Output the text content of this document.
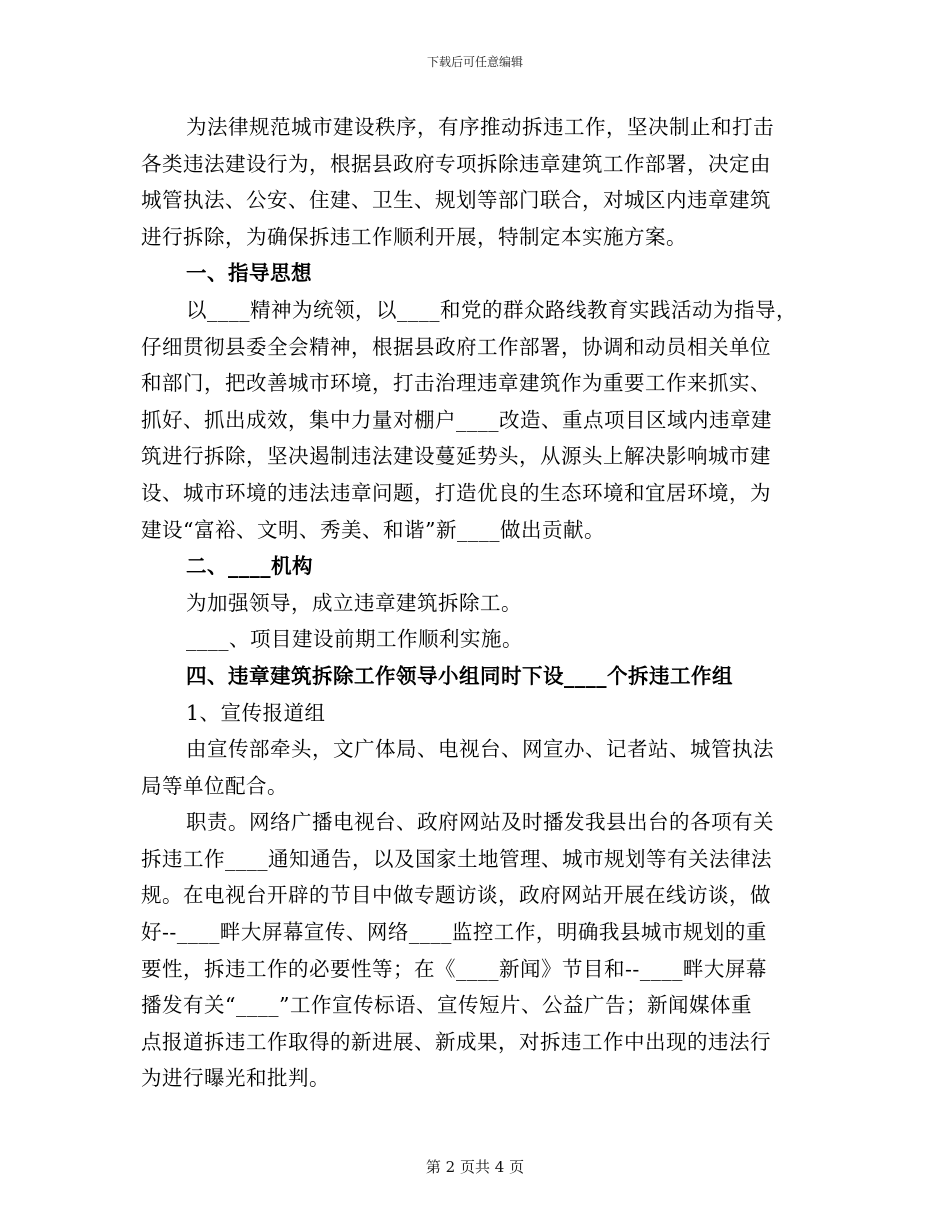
下载后可任意编辑

为法律规范城市建设秩序，有序推动拆违工作，坚决制止和打击

各类违法建设行为，根据县政府专项拆除违章建筑工作部署，决定由

城管执法、公安、住建、卫生、规划等部门联合，对城区内违章建筑

进行拆除，为确保拆违工作顺利开展，特制定本实施方案。

一、指导思想

以____精神为统领，以____和党的群众路线教育实践活动为指导，

仔细贯彻县委全会精神，根据县政府工作部署，协调和动员相关单位

和部门，把改善城市环境，打击治理违章建筑作为重要工作来抓实、

抓好、抓出成效，集中力量对棚户____改造、重点项目区域内违章建

筑进行拆除，坚决遏制违法建设蔓延势头，从源头上解决影响城市建

设、城市环境的违法违章问题，打造优良的生态环境和宜居环境，为

建设“富裕、文明、秀美、和谐”新____做出贡献。

二、____机构

为加强领导，成立违章建筑拆除工。

____、项目建设前期工作顺利实施。

四、违章建筑拆除工作领导小组同时下设____个拆违工作组

1、宣传报道组

由宣传部牵头，文广体局、电视台、网宣办、记者站、城管执法

局等单位配合。

职责。网络广播电视台、政府网站及时播发我县出台的各项有关

拆违工作____通知通告，以及国家土地管理、城市规划等有关法律法

规。在电视台开辟的节目中做专题访谈，政府网站开展在线访谈，做

好--____畔大屏幕宣传、网络____监控工作，明确我县城市规划的重

要性，拆违工作的必要性等；在《____新闻》节目和--____畔大屏幕

播发有关“____”工作宣传标语、宣传短片、公益广告；新闻媒体重

点报道拆违工作取得的新进展、新成果，对拆违工作中出现的违法行

为进行曝光和批判。

第 2 页共 4 页
